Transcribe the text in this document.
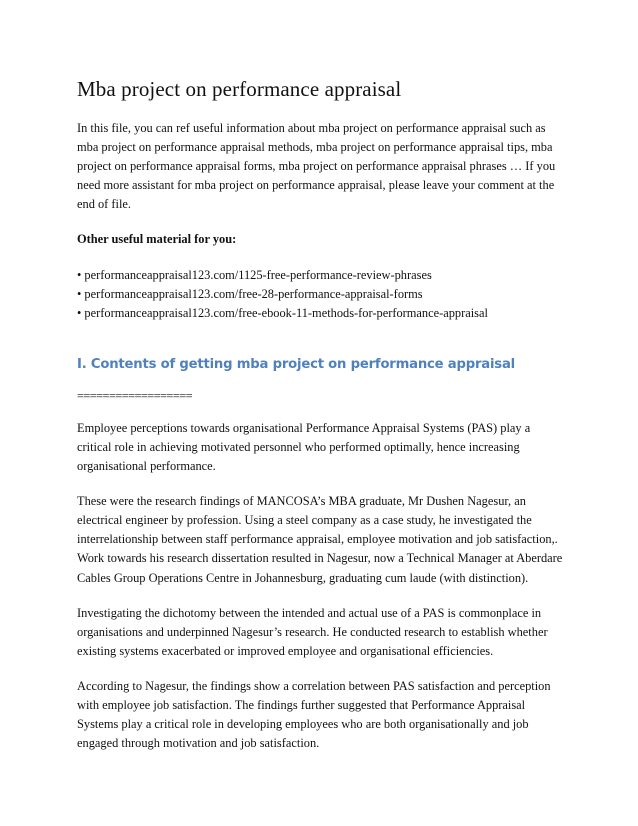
Mba project on performance appraisal

In this file, you can ref useful information about mba project on performance appraisal such as mba project on performance appraisal methods, mba project on performance appraisal tips, mba project on performance appraisal forms, mba project on performance appraisal phrases … If you need more assistant for mba project on performance appraisal, please leave your comment at the end of file.

Other useful material for you:

• performanceappraisal123.com/1125-free-performance-review-phrases

• performanceappraisal123.com/free-28-performance-appraisal-forms

• performanceappraisal123.com/free-ebook-11-methods-for-performance-appraisal

I. Contents of getting mba project on performance appraisal
==================

Employee perceptions towards organisational Performance Appraisal Systems (PAS) play a critical role in achieving motivated personnel who performed optimally, hence increasing organisational performance.

These were the research findings of MANCOSA’s MBA graduate, Mr Dushen Nagesur, an electrical engineer by profession. Using a steel company as a case study, he investigated the interrelationship between staff performance appraisal, employee motivation and job satisfaction,. Work towards his research dissertation resulted in Nagesur, now a Technical Manager at Aberdare Cables Group Operations Centre in Johannesburg, graduating cum laude (with distinction).

Investigating the dichotomy between the intended and actual use of a PAS is commonplace in organisations and underpinned Nagesur’s research. He conducted research to establish whether existing systems exacerbated or improved employee and organisational efficiencies.

According to Nagesur, the findings show a correlation between PAS satisfaction and perception with employee job satisfaction. The findings further suggested that Performance Appraisal Systems play a critical role in developing employees who are both organisationally and job engaged through motivation and job satisfaction.
